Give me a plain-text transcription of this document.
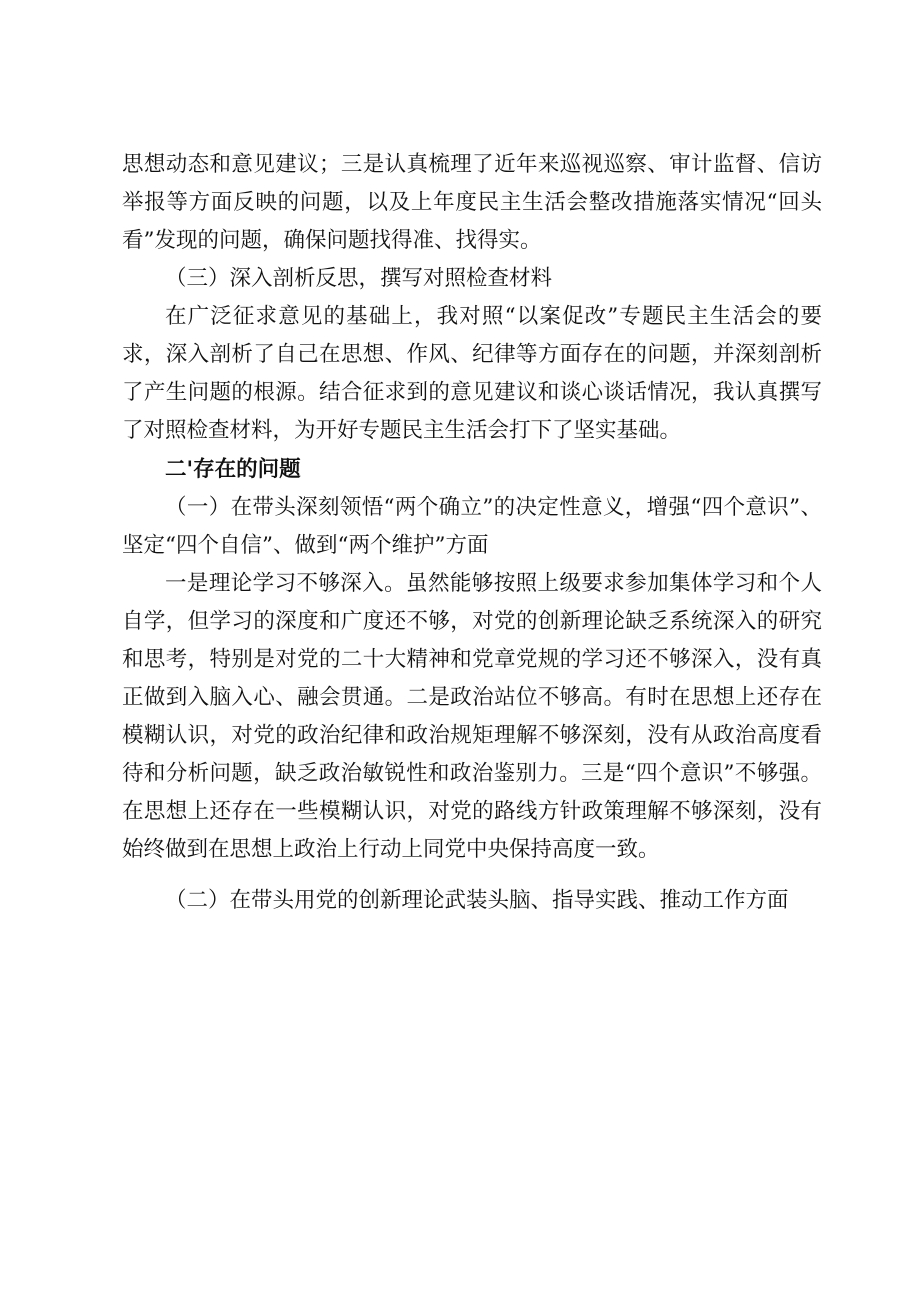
思想动态和意见建议；三是认真梳理了近年来巡视巡察、审计监督、信访举报等方面反映的问题，以及上年度民主生活会整改措施落实情况“回头看”发现的问题，确保问题找得准、找得实。

（三）深入剖析反思，撰写对照检查材料

在广泛征求意见的基础上，我对照“以案促改”专题民主生活会的要求，深入剖析了自己在思想、作风、纪律等方面存在的问题，并深刻剖析了产生问题的根源。结合征求到的意见建议和谈心谈话情况，我认真撰写了对照检查材料，为开好专题民主生活会打下了坚实基础。

二'存在的问题

（一）在带头深刻领悟“两个确立”的决定性意义，增强“四个意识”、坚定“四个自信”、做到“两个维护”方面

一是理论学习不够深入。虽然能够按照上级要求参加集体学习和个人自学，但学习的深度和广度还不够，对党的创新理论缺乏系统深入的研究和思考，特别是对党的二十大精神和党章党规的学习还不够深入，没有真正做到入脑入心、融会贯通。二是政治站位不够高。有时在思想上还存在模糊认识，对党的政治纪律和政治规矩理解不够深刻，没有从政治高度看待和分析问题，缺乏政治敏锐性和政治鉴别力。三是“四个意识”不够强。在思想上还存在一些模糊认识，对党的路线方针政策理解不够深刻，没有始终做到在思想上政治上行动上同党中央保持高度一致。

（二）在带头用党的创新理论武装头脑、指导实践、推动工作方面
